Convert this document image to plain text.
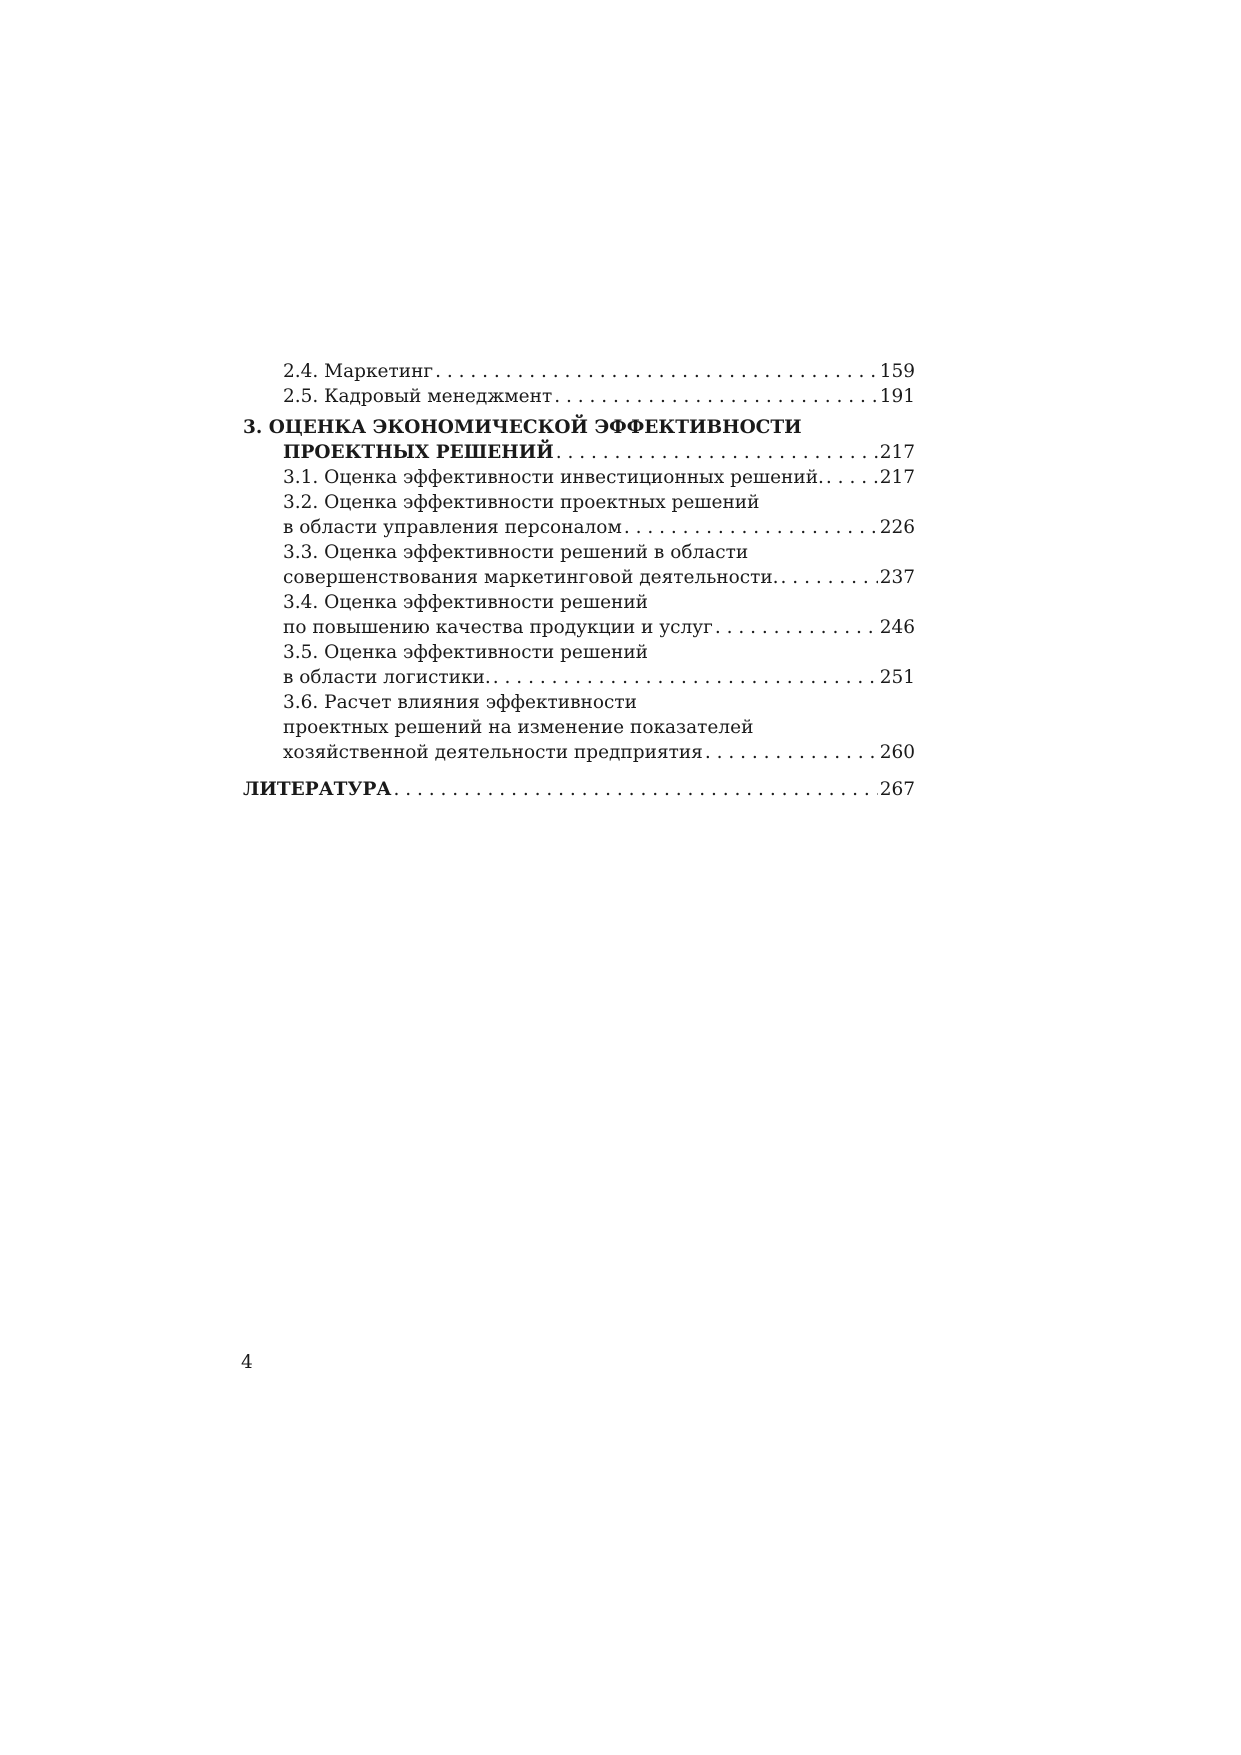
2.4. Маркетинг . . .	159
2.5. Кадровый менеджмент . . .	191
3. ОЦЕНКА ЭКОНОМИЧЕСКОЙ ЭФФЕКТИВНОСТИ
ПРОЕКТНЫХ РЕШЕНИЙ . . .	217
3.1. Оценка эффективности инвестиционных решений. . . .	217
3.2. Оценка эффективности проектных решений
в области управления персоналом . . .	226
3.3. Оценка эффективности решений в области
совершенствования маркетинговой деятельности. . . .	237
3.4. Оценка эффективности решений
по повышению качества продукции и услуг . . .	246
3.5. Оценка эффективности решений
в области логистики. . . .	251
3.6. Расчет влияния эффективности
проектных решений на изменение показателей
хозяйственной деятельности предприятия . . .	260
ЛИТЕРАТУРА . . .	267
4
